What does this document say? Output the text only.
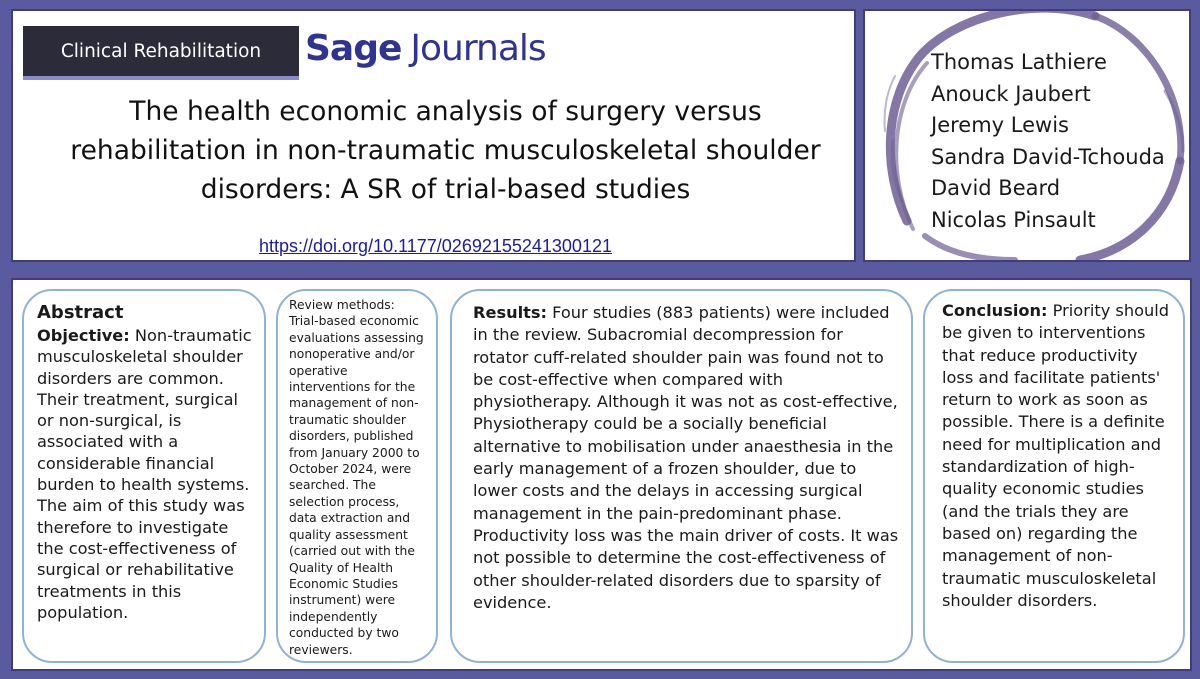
Clinical Rehabilitation Sage Journals
The health economic analysis of surgery versus rehabilitation in non-traumatic musculoskeletal shoulder disorders: A SR of trial-based studies
https://doi.org/10.1177/02692155241300121
Thomas Lathiere
Anouck Jaubert
Jeremy Lewis
Sandra David-Tchouda
David Beard
Nicolas Pinsault
Abstract
Objective: Non-traumatic musculoskeletal shoulder disorders are common. Their treatment, surgical or non-surgical, is associated with a considerable financial burden to health systems. The aim of this study was therefore to investigate the cost-effectiveness of surgical or rehabilitative treatments in this population.
Review methods:
Trial-based economic evaluations assessing nonoperative and/or operative interventions for the management of non-traumatic shoulder disorders, published from January 2000 to October 2024, were searched. The selection process, data extraction and quality assessment (carried out with the Quality of Health Economic Studies instrument) were independently conducted by two reviewers.
Results: Four studies (883 patients) were included in the review. Subacromial decompression for rotator cuff-related shoulder pain was found not to be cost-effective when compared with physiotherapy. Although it was not as cost-effective, Physiotherapy could be a socially beneficial alternative to mobilisation under anaesthesia in the early management of a frozen shoulder, due to lower costs and the delays in accessing surgical management in the pain-predominant phase. Productivity loss was the main driver of costs. It was not possible to determine the cost-effectiveness of other shoulder-related disorders due to sparsity of evidence.
Conclusion: Priority should be given to interventions that reduce productivity loss and facilitate patients' return to work as soon as possible. There is a definite need for multiplication and standardization of high-quality economic studies (and the trials they are based on) regarding the management of non-traumatic musculoskeletal shoulder disorders.
